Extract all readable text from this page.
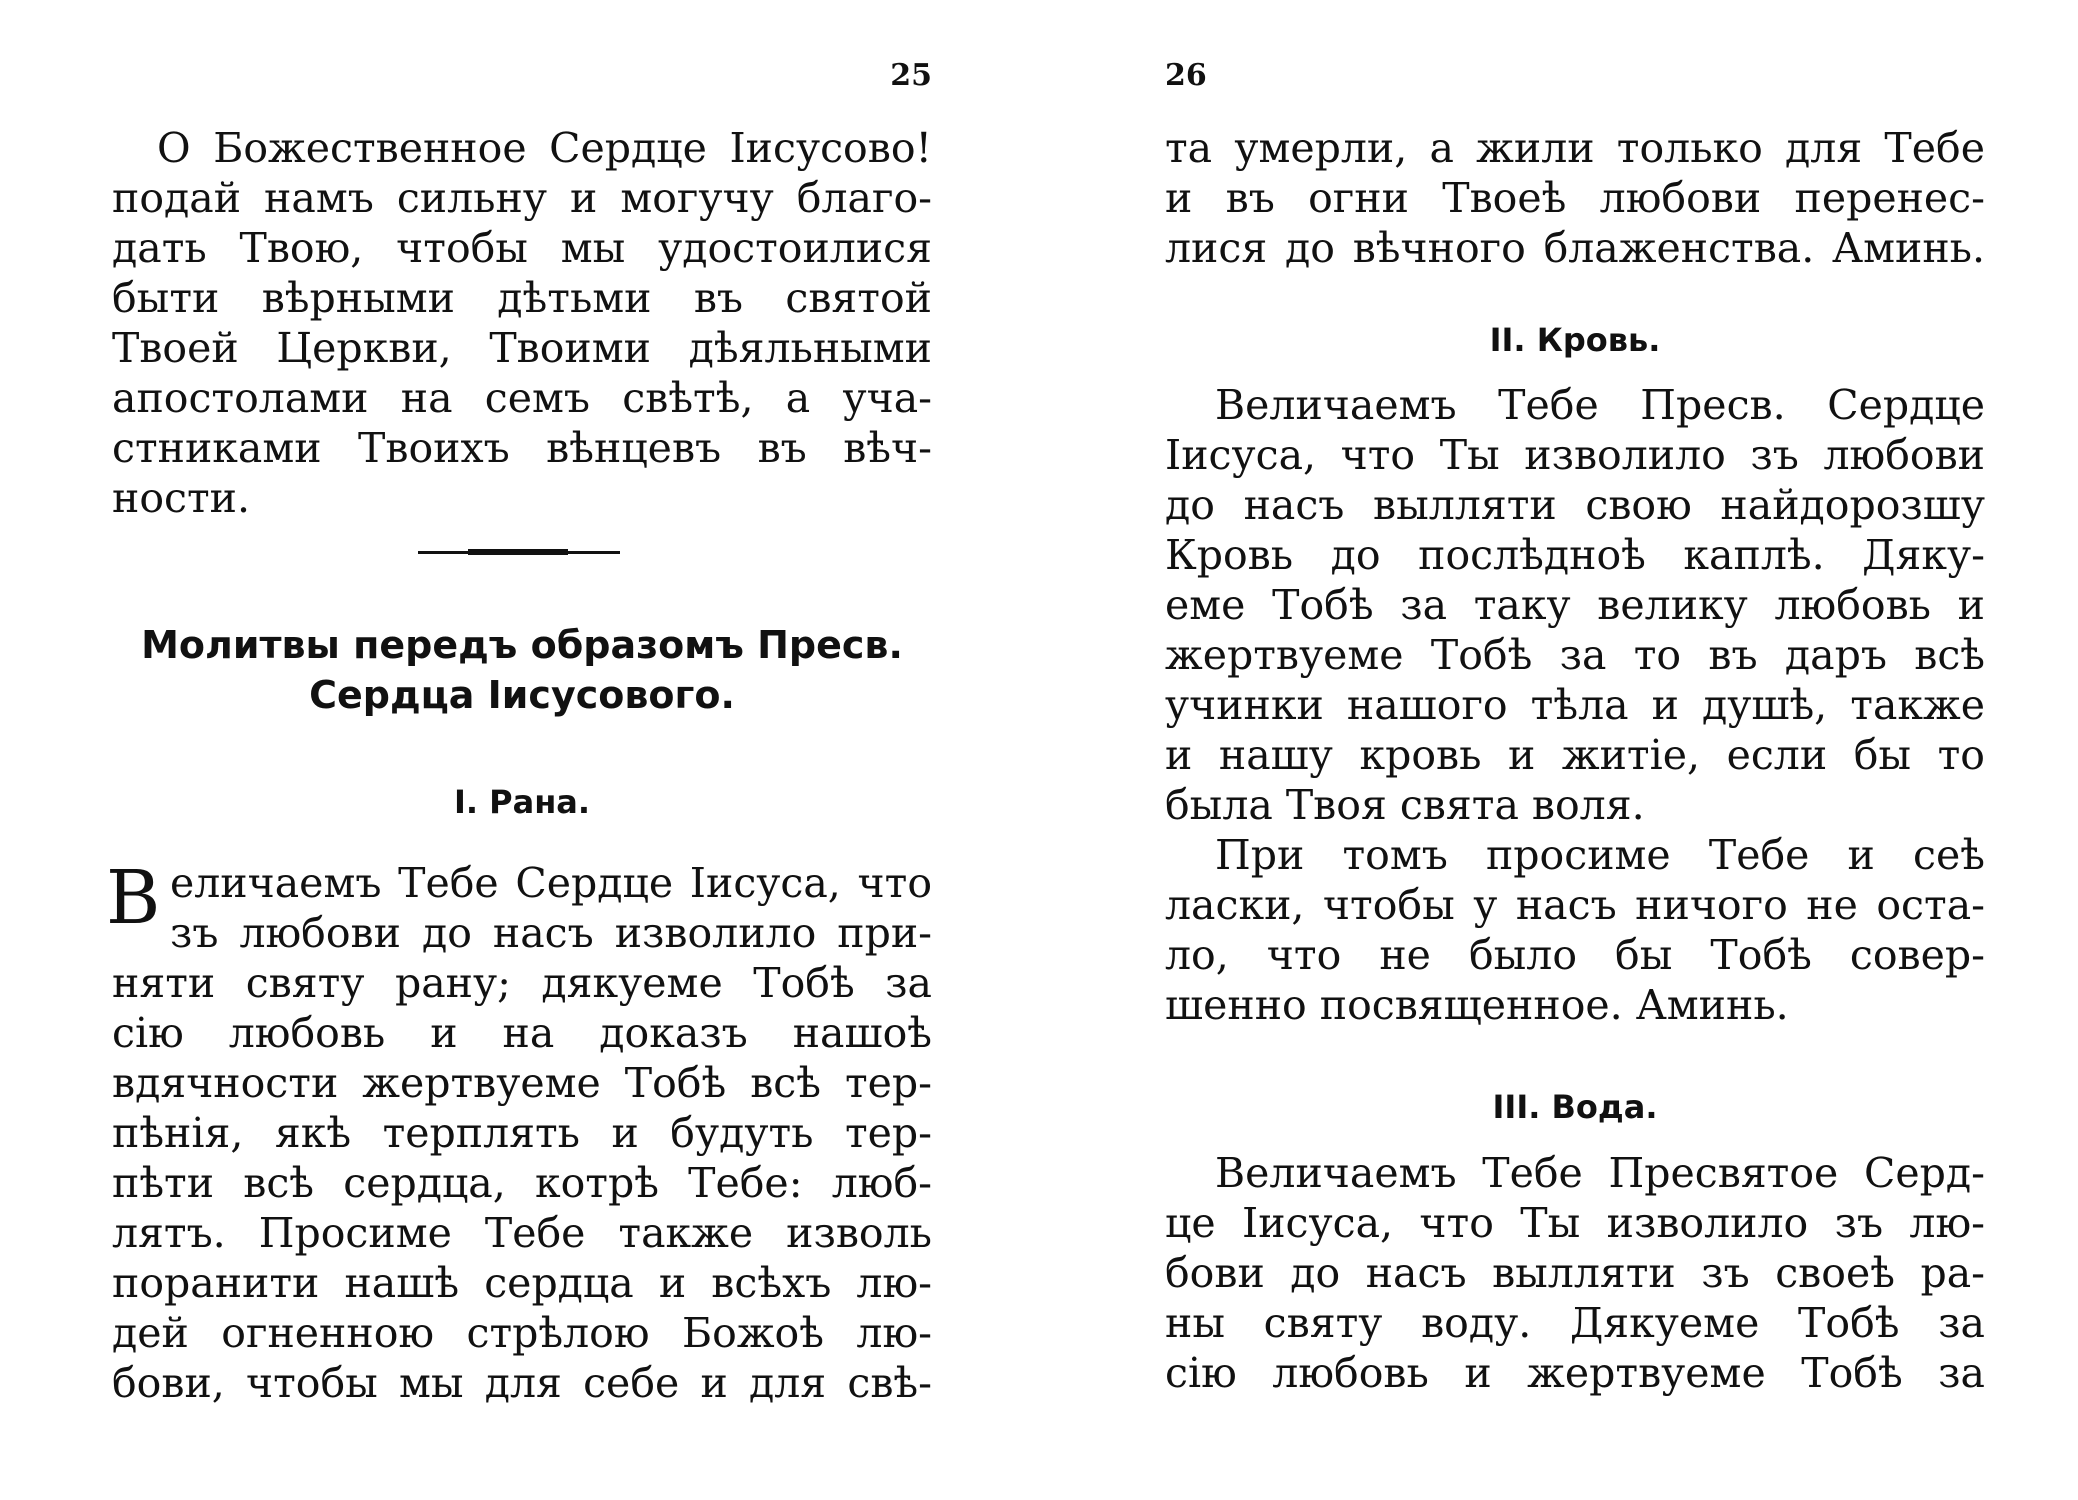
25
О Божественное Сердце Іисусово!
подай намъ сильну и могучу благо-
дать Твою, чтобы мы удостоилися
быти вѣрными дѣтьми въ святой
Твоей Церкви, Твоими дѣяльными
апостолами на семъ свѣтѣ, а уча-
стниками Твоихъ вѣнцевъ въ вѣч-
ности.
Молитвы передъ образомъ Пресв.
Сердца Іисусового.
І. Рана.
В еличаемъ Тебе Сердце Іисуса, что
зъ любови до насъ изволило при-
няти святу рану; дякуеме Тобѣ за
сію любовь и на доказъ нашоѣ
вдячности жертвуеме Тобѣ всѣ тер-
пѣнія, якѣ терплять и будуть тер-
пѣти всѣ сердца, котрѣ Тебе: люб-
лятъ. Просиме Тебе также изволь
поранити нашѣ сердца и всѣхъ лю-
дей огненною стрѣлою Божоѣ лю-
бови, чтобы мы для себе и для свѣ-
26
та умерли, а жили только для Тебе
и въ огни Твоеѣ любови перенес-
лися до вѣчного блаженства. Аминь.
ІІ. Кровь.
Величаемъ Тебе Пресв. Сердце
Іисуса, что Ты изволило зъ любови
до насъ вылляти свою найдорозшу
Кровь до послѣдноѣ каплѣ. Дяку-
еме Тобѣ за таку велику любовь и
жертвуеме Тобѣ за то въ даръ всѣ
учинки нашого тѣла и душѣ, также
и нашу кровь и житіе, если бы то
была Твоя свята воля.
При томъ просиме Тебе и сеѣ
ласки, чтобы у насъ ничого не оста-
ло, что не было бы Тобѣ совер-
шенно посвященное. Аминь.
ІІІ. Вода.
Величаемъ Тебе Пресвятое Серд-
це Іисуса, что Ты изволило зъ лю-
бови до насъ вылляти зъ своеѣ ра-
ны святу воду. Дякуеме Тобѣ за
сію любовь и жертвуеме Тобѣ за
